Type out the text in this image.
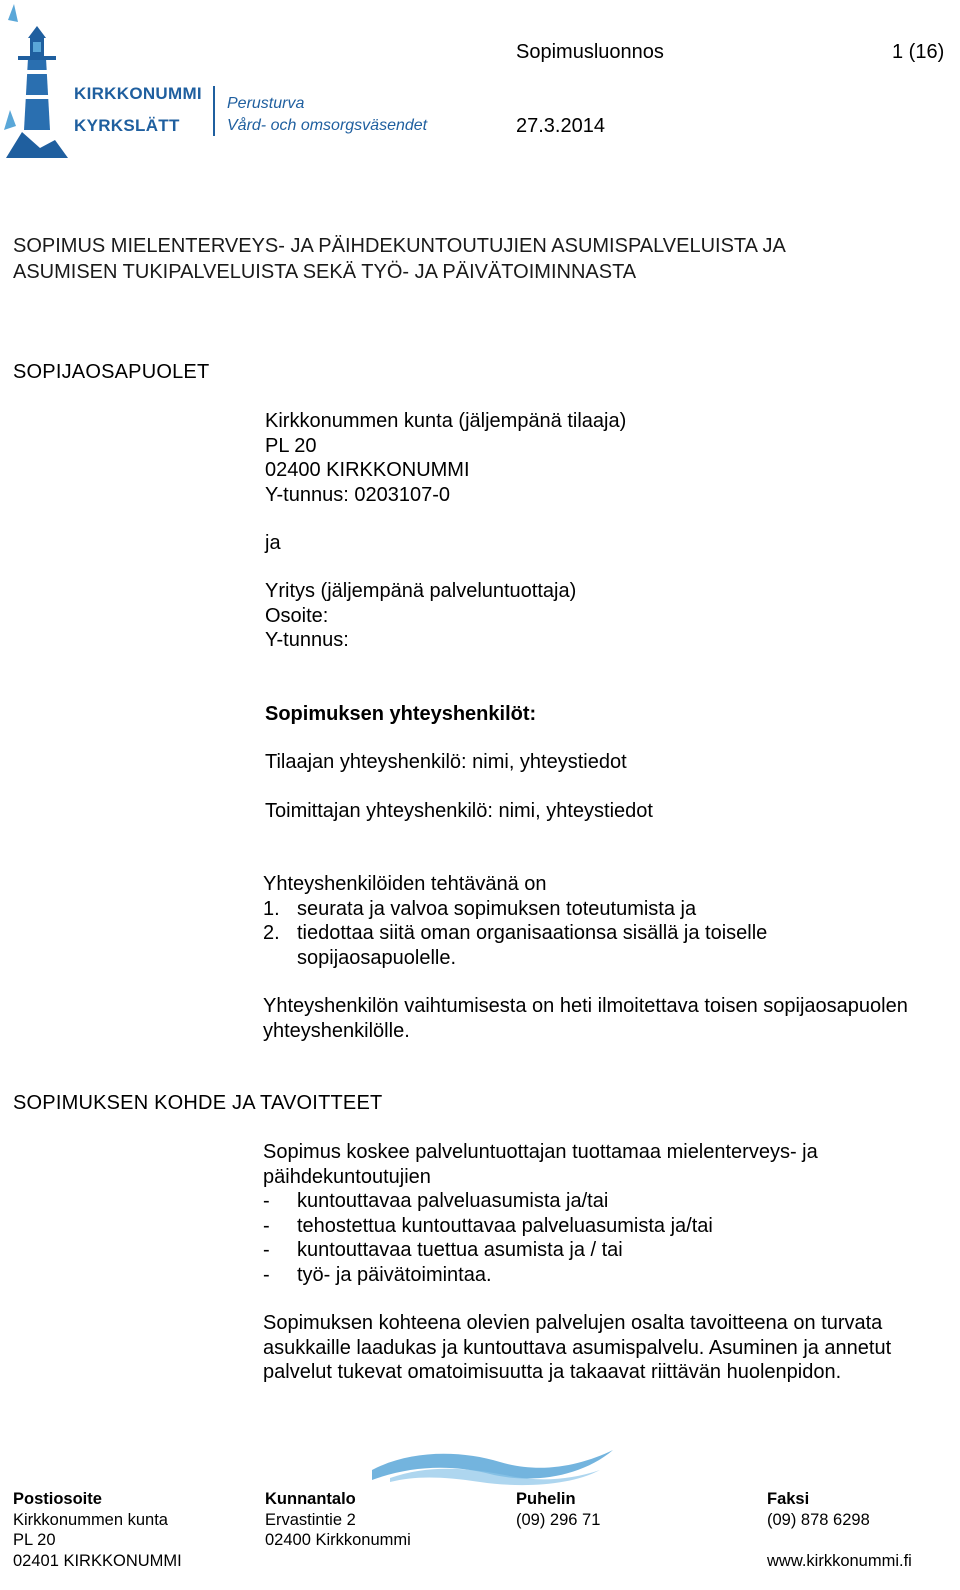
KIRKKONUMMI
KYRKSLÄTT
Perusturva
Vård- och omsorgsväsendet
Sopimusluonnos	1 (16)
27.3.2014
SOPIMUS MIELENTERVEYS- JA PÄIHDEKUNTOUTUJIEN ASUMISPALVELUISTA JA
ASUMISEN TUKIPALVELUISTA SEKÄ TYÖ- JA PÄIVÄTOIMINNASTA
SOPIJAOSAPUOLET
Kirkkonummen kunta (jäljempänä tilaaja)
PL 20
02400 KIRKKONUMMI
Y-tunnus: 0203107-0
ja
Yritys (jäljempänä palveluntuottaja)
Osoite:
Y-tunnus:
Sopimuksen yhteyshenkilöt:
Tilaajan yhteyshenkilö: nimi, yhteystiedot
Toimittajan yhteyshenkilö: nimi, yhteystiedot
Yhteyshenkilöiden tehtävänä on
1. seurata ja valvoa sopimuksen toteutumista ja
2. tiedottaa siitä oman organisaationsa sisällä ja toiselle
sopijaosapuolelle.
Yhteyshenkilön vaihtumisesta on heti ilmoitettava toisen sopijaosapuolen
yhteyshenkilölle.
SOPIMUKSEN KOHDE JA TAVOITTEET
Sopimus koskee palveluntuottajan tuottamaa mielenterveys- ja
päihdekuntoutujien
- kuntouttavaa palveluasumista ja/tai
- tehostettua kuntouttavaa palveluasumista ja/tai
- kuntouttavaa tuettua asumista ja / tai
- työ- ja päivätoimintaa.
Sopimuksen kohteena olevien palvelujen osalta tavoitteena on turvata
asukkaille laadukas ja kuntouttava asumispalvelu. Asuminen ja annetut
palvelut tukevat omatoimisuutta ja takaavat riittävän huolenpidon.
Postiosoite
Kirkkonummen kunta
PL 20
02401 KIRKKONUMMI
Kunnantalo
Ervastintie 2
02400 Kirkkonummi
Puhelin
(09) 296 71
Faksi
(09) 878 6298

www.kirkkonummi.fi
